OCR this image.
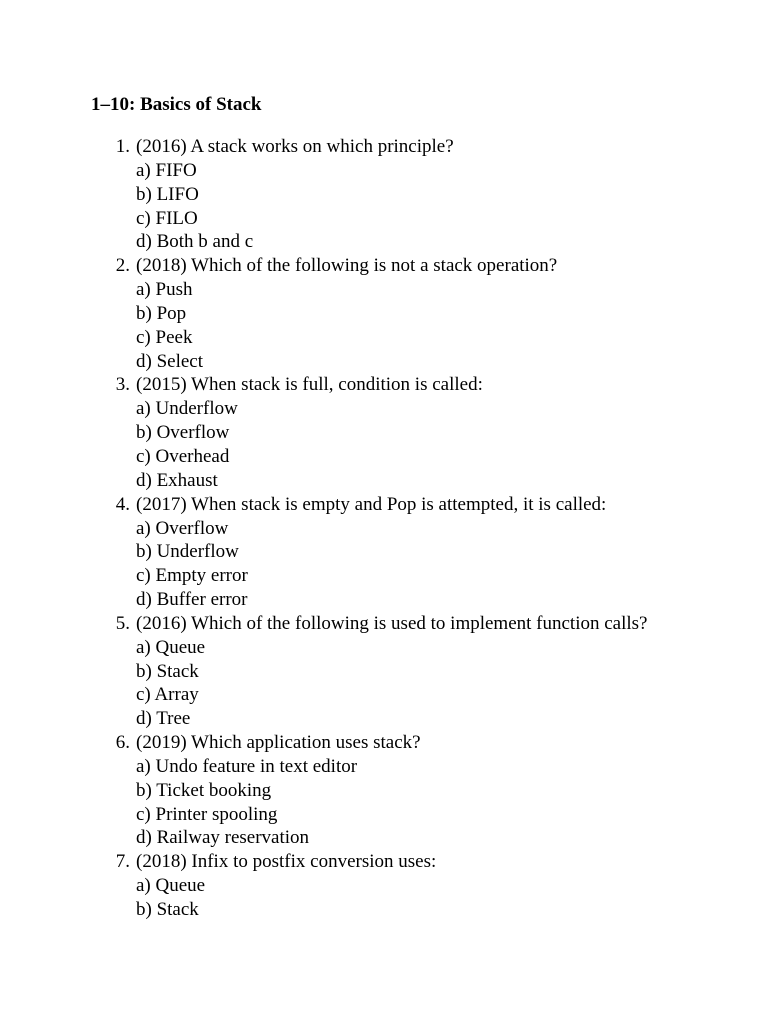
1–10: Basics of Stack
1. (2016) A stack works on which principle?
a) FIFO
b) LIFO
c) FILO
d) Both b and c
2. (2018) Which of the following is not a stack operation?
a) Push
b) Pop
c) Peek
d) Select
3. (2015) When stack is full, condition is called:
a) Underflow
b) Overflow
c) Overhead
d) Exhaust
4. (2017) When stack is empty and Pop is attempted, it is called:
a) Overflow
b) Underflow
c) Empty error
d) Buffer error
5. (2016) Which of the following is used to implement function calls?
a) Queue
b) Stack
c) Array
d) Tree
6. (2019) Which application uses stack?
a) Undo feature in text editor
b) Ticket booking
c) Printer spooling
d) Railway reservation
7. (2018) Infix to postfix conversion uses:
a) Queue
b) Stack
